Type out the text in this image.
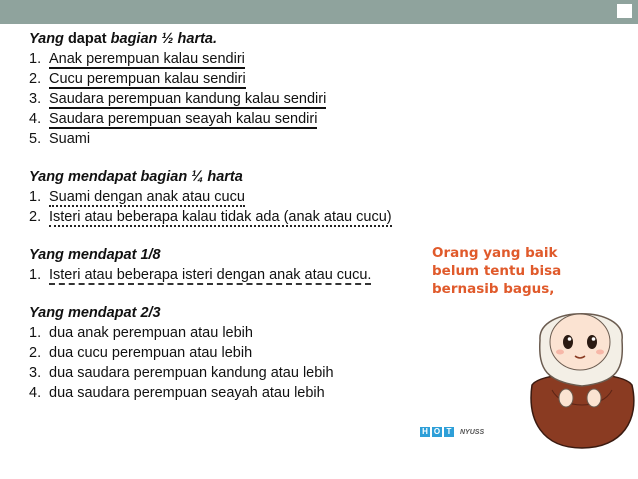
Yang dapat bagian ½ harta.
1. Anak perempuan kalau sendiri
2. Cucu perempuan kalau sendiri
3. Saudara perempuan kandung kalau sendiri
4. Saudara perempuan seayah kalau sendiri
5. Suami
Yang mendapat bagian ¼ harta
1. Suami dengan anak atau cucu
2. Isteri atau beberapa kalau tidak ada (anak atau cucu)
Yang mendapat 1/8
1. Isteri atau beberapa isteri dengan anak atau cucu.
Yang mendapat 2/3
1. dua anak perempuan atau lebih
2. dua cucu perempuan atau lebih
3. dua saudara perempuan kandung atau lebih
4. dua saudara perempuan seayah atau lebih
Orang yang baik
belum tentu bisa
bernasib bagus,
H O T	NYUSS
